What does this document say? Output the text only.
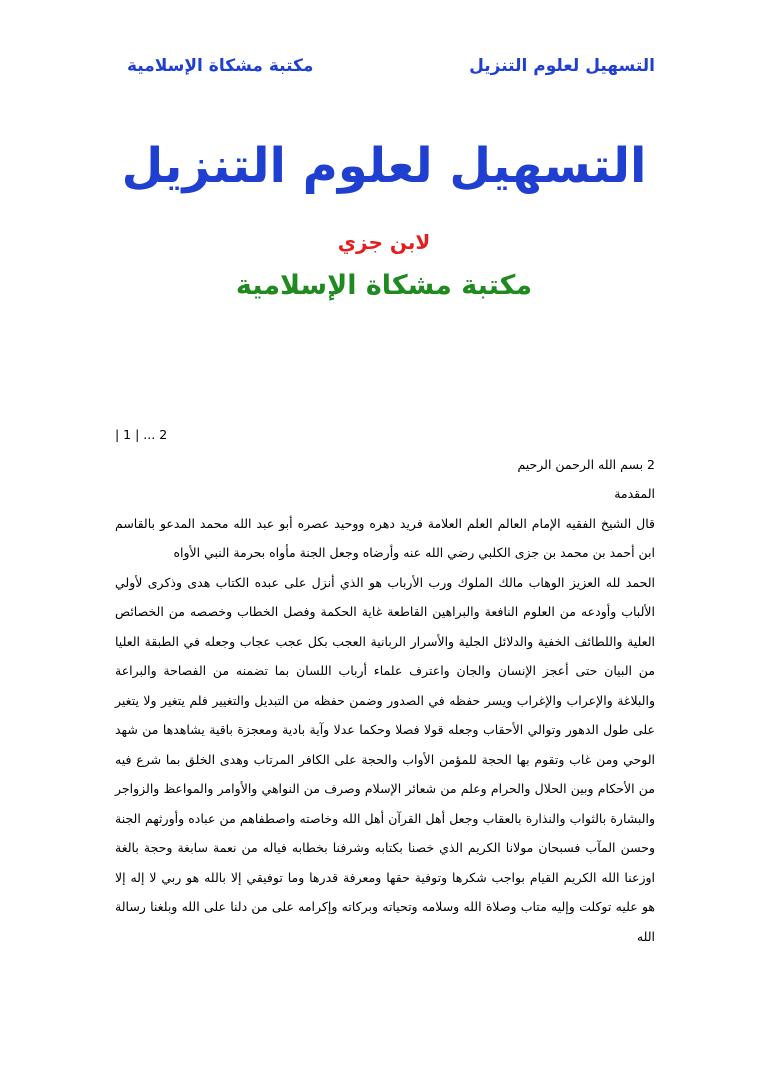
التسهيل لعلوم التنزيل
مكتبة مشكاة الإسلامية
التسهيل لعلوم التنزيل
لابن جزي
مكتبة مشكاة الإسلامية
| 1 | ... 2
2 بسم الله الرحمن الرحيم
المقدمة
قال الشيخ الفقيه الإمام العالم العلم العلامة فريد دهره ووحيد عصره أبو عبد الله محمد المدعو بالقاسم ابن أحمد بن محمد بن جزى الكلبي رضي الله عنه وأرضاه وجعل الجنة مأواه بحرمة النبي الأواه
الحمد لله العزيز الوهاب مالك الملوك ورب الأرباب هو الذي أنزل على عبده الكتاب هدى وذكرى لأولي الألباب وأودعه من العلوم النافعة والبراهين القاطعة غاية الحكمة وفصل الخطاب وخصصه من الخصائص العلية واللطائف الخفية والدلائل الجلية والأسرار الربانية العجب بكل عجب عجاب وجعله في الطبقة العليا من البيان حتى أعجز الإنسان والجان واعترف علماء أرباب اللسان بما تضمنه من الفصاحة والبراعة والبلاغة والإعراب والإغراب ويسر حفظه في الصدور وضمن حفظه من التبديل والتغيير فلم يتغير ولا يتغير على طول الدهور وتوالي الأحقاب وجعله قولا فصلا وحكما عدلا وآية بادية ومعجزة باقية يشاهدها من شهد الوحي ومن غاب وتقوم بها الحجة للمؤمن الأواب والحجة على الكافر المرتاب وهدى الخلق بما شرع فيه من الأحكام وبين الحلال والحرام وعلم من شعائر الإسلام وصرف من النواهي والأوامر والمواعظ والزواجر والبشارة بالثواب والنذارة بالعقاب وجعل أهل القرآن أهل الله وخاصته واصطفاهم من عباده وأورثهم الجنة وحسن المآب فسبحان مولانا الكريم الذي خصنا بكتابه وشرفنا بخطابه فياله من نعمة سابغة وحجة بالغة اوزعنا الله الكريم القيام بواجب شكرها وتوفية حقها ومعرفة قدرها وما توفيقي إلا بالله هو ربي لا إله إلا هو عليه توكلت وإليه متاب وصلاة الله وسلامه وتحياته وبركاته وإكرامه على من دلنا على الله وبلغنا رسالة الله
